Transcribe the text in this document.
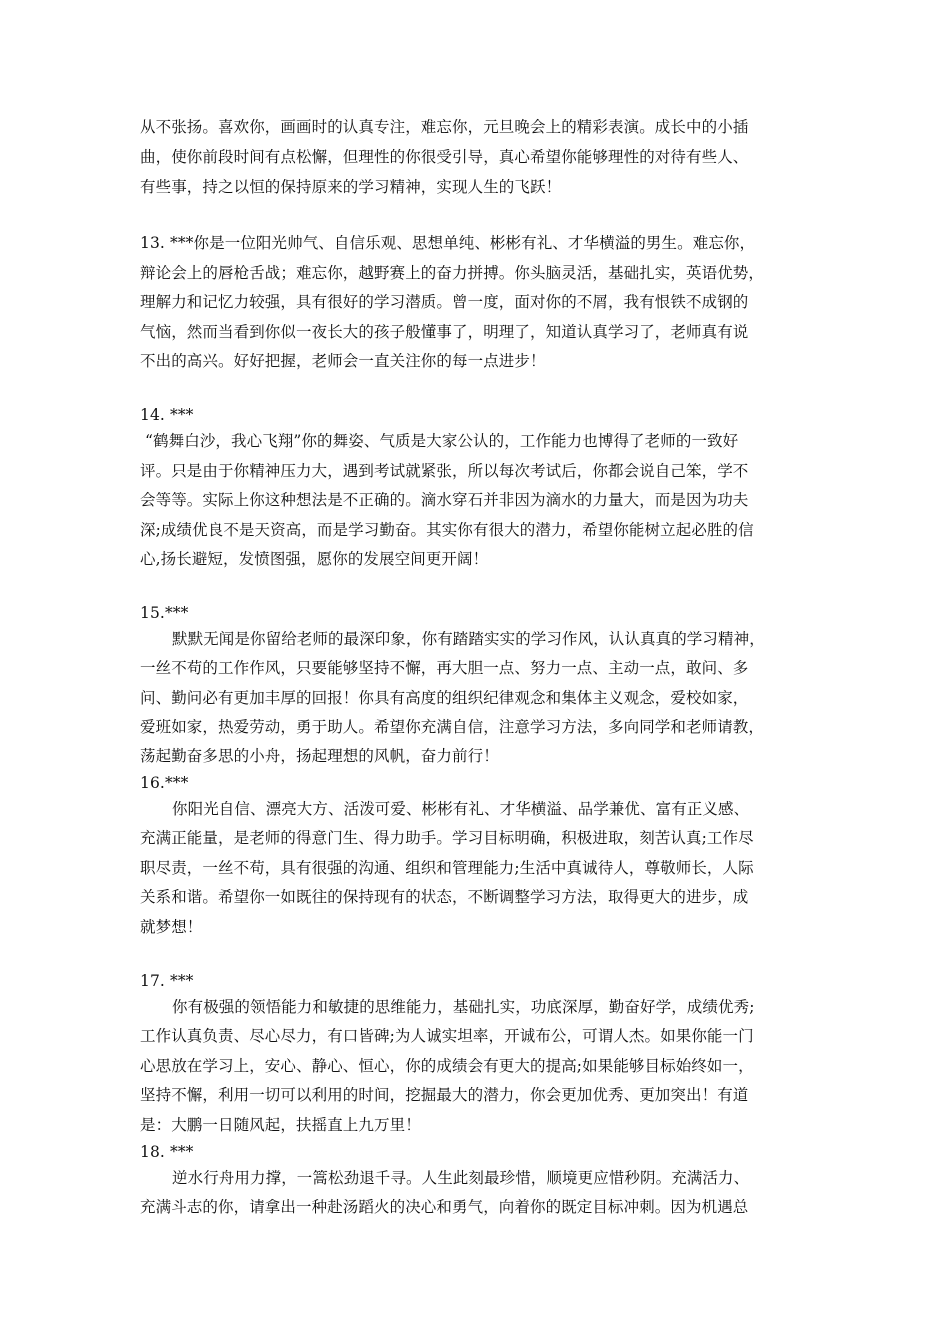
从不张扬。喜欢你，画画时的认真专注，难忘你，元旦晚会上的精彩表演。成长中的小插
曲，使你前段时间有点松懈，但理性的你很受引导，真心希望你能够理性的对待有些人、
有些事，持之以恒的保持原来的学习精神，实现人生的飞跃！
13. ***你是一位阳光帅气、自信乐观、思想单纯、彬彬有礼、才华横溢的男生。难忘你，
辩论会上的唇枪舌战；难忘你，越野赛上的奋力拼搏。你头脑灵活，基础扎实，英语优势，
理解力和记忆力较强，具有很好的学习潜质。曾一度，面对你的不屑，我有恨铁不成钢的
气恼，然而当看到你似一夜长大的孩子般懂事了，明理了，知道认真学习了，老师真有说
不出的高兴。好好把握，老师会一直关注你的每一点进步！
14. ***
“鹤舞白沙，我心飞翔”你的舞姿、气质是大家公认的，工作能力也博得了老师的一致好
评。只是由于你精神压力大，遇到考试就紧张，所以每次考试后，你都会说自己笨，学不
会等等。实际上你这种想法是不正确的。滴水穿石并非因为滴水的力量大，而是因为功夫
深;成绩优良不是天资高，而是学习勤奋。其实你有很大的潜力，希望你能树立起必胜的信
心,扬长避短，发愤图强，愿你的发展空间更开阔！
15.***
默默无闻是你留给老师的最深印象，你有踏踏实实的学习作风，认认真真的学习精神，
一丝不苟的工作作风，只要能够坚持不懈，再大胆一点、努力一点、主动一点，敢问、多
问、勤问必有更加丰厚的回报！你具有高度的组织纪律观念和集体主义观念，爱校如家，
爱班如家，热爱劳动，勇于助人。希望你充满自信，注意学习方法，多向同学和老师请教，
荡起勤奋多思的小舟，扬起理想的风帆，奋力前行！
16.***
你阳光自信、漂亮大方、活泼可爱、彬彬有礼、才华横溢、品学兼优、富有正义感、
充满正能量，是老师的得意门生、得力助手。学习目标明确，积极进取，刻苦认真;工作尽
职尽责，一丝不苟，具有很强的沟通、组织和管理能力;生活中真诚待人，尊敬师长，人际
关系和谐。希望你一如既往的保持现有的状态，不断调整学习方法，取得更大的进步，成
就梦想！
17. ***
你有极强的领悟能力和敏捷的思维能力，基础扎实，功底深厚，勤奋好学，成绩优秀;
工作认真负责、尽心尽力，有口皆碑;为人诚实坦率，开诚布公，可谓人杰。如果你能一门
心思放在学习上，安心、静心、恒心，你的成绩会有更大的提高;如果能够目标始终如一，
坚持不懈，利用一切可以利用的时间，挖掘最大的潜力，你会更加优秀、更加突出！有道
是：大鹏一日随风起，扶摇直上九万里！
18. ***
逆水行舟用力撑，一篙松劲退千寻。人生此刻最珍惜，顺境更应惜秒阴。充满活力、
充满斗志的你，请拿出一种赴汤蹈火的决心和勇气，向着你的既定目标冲刺。因为机遇总
